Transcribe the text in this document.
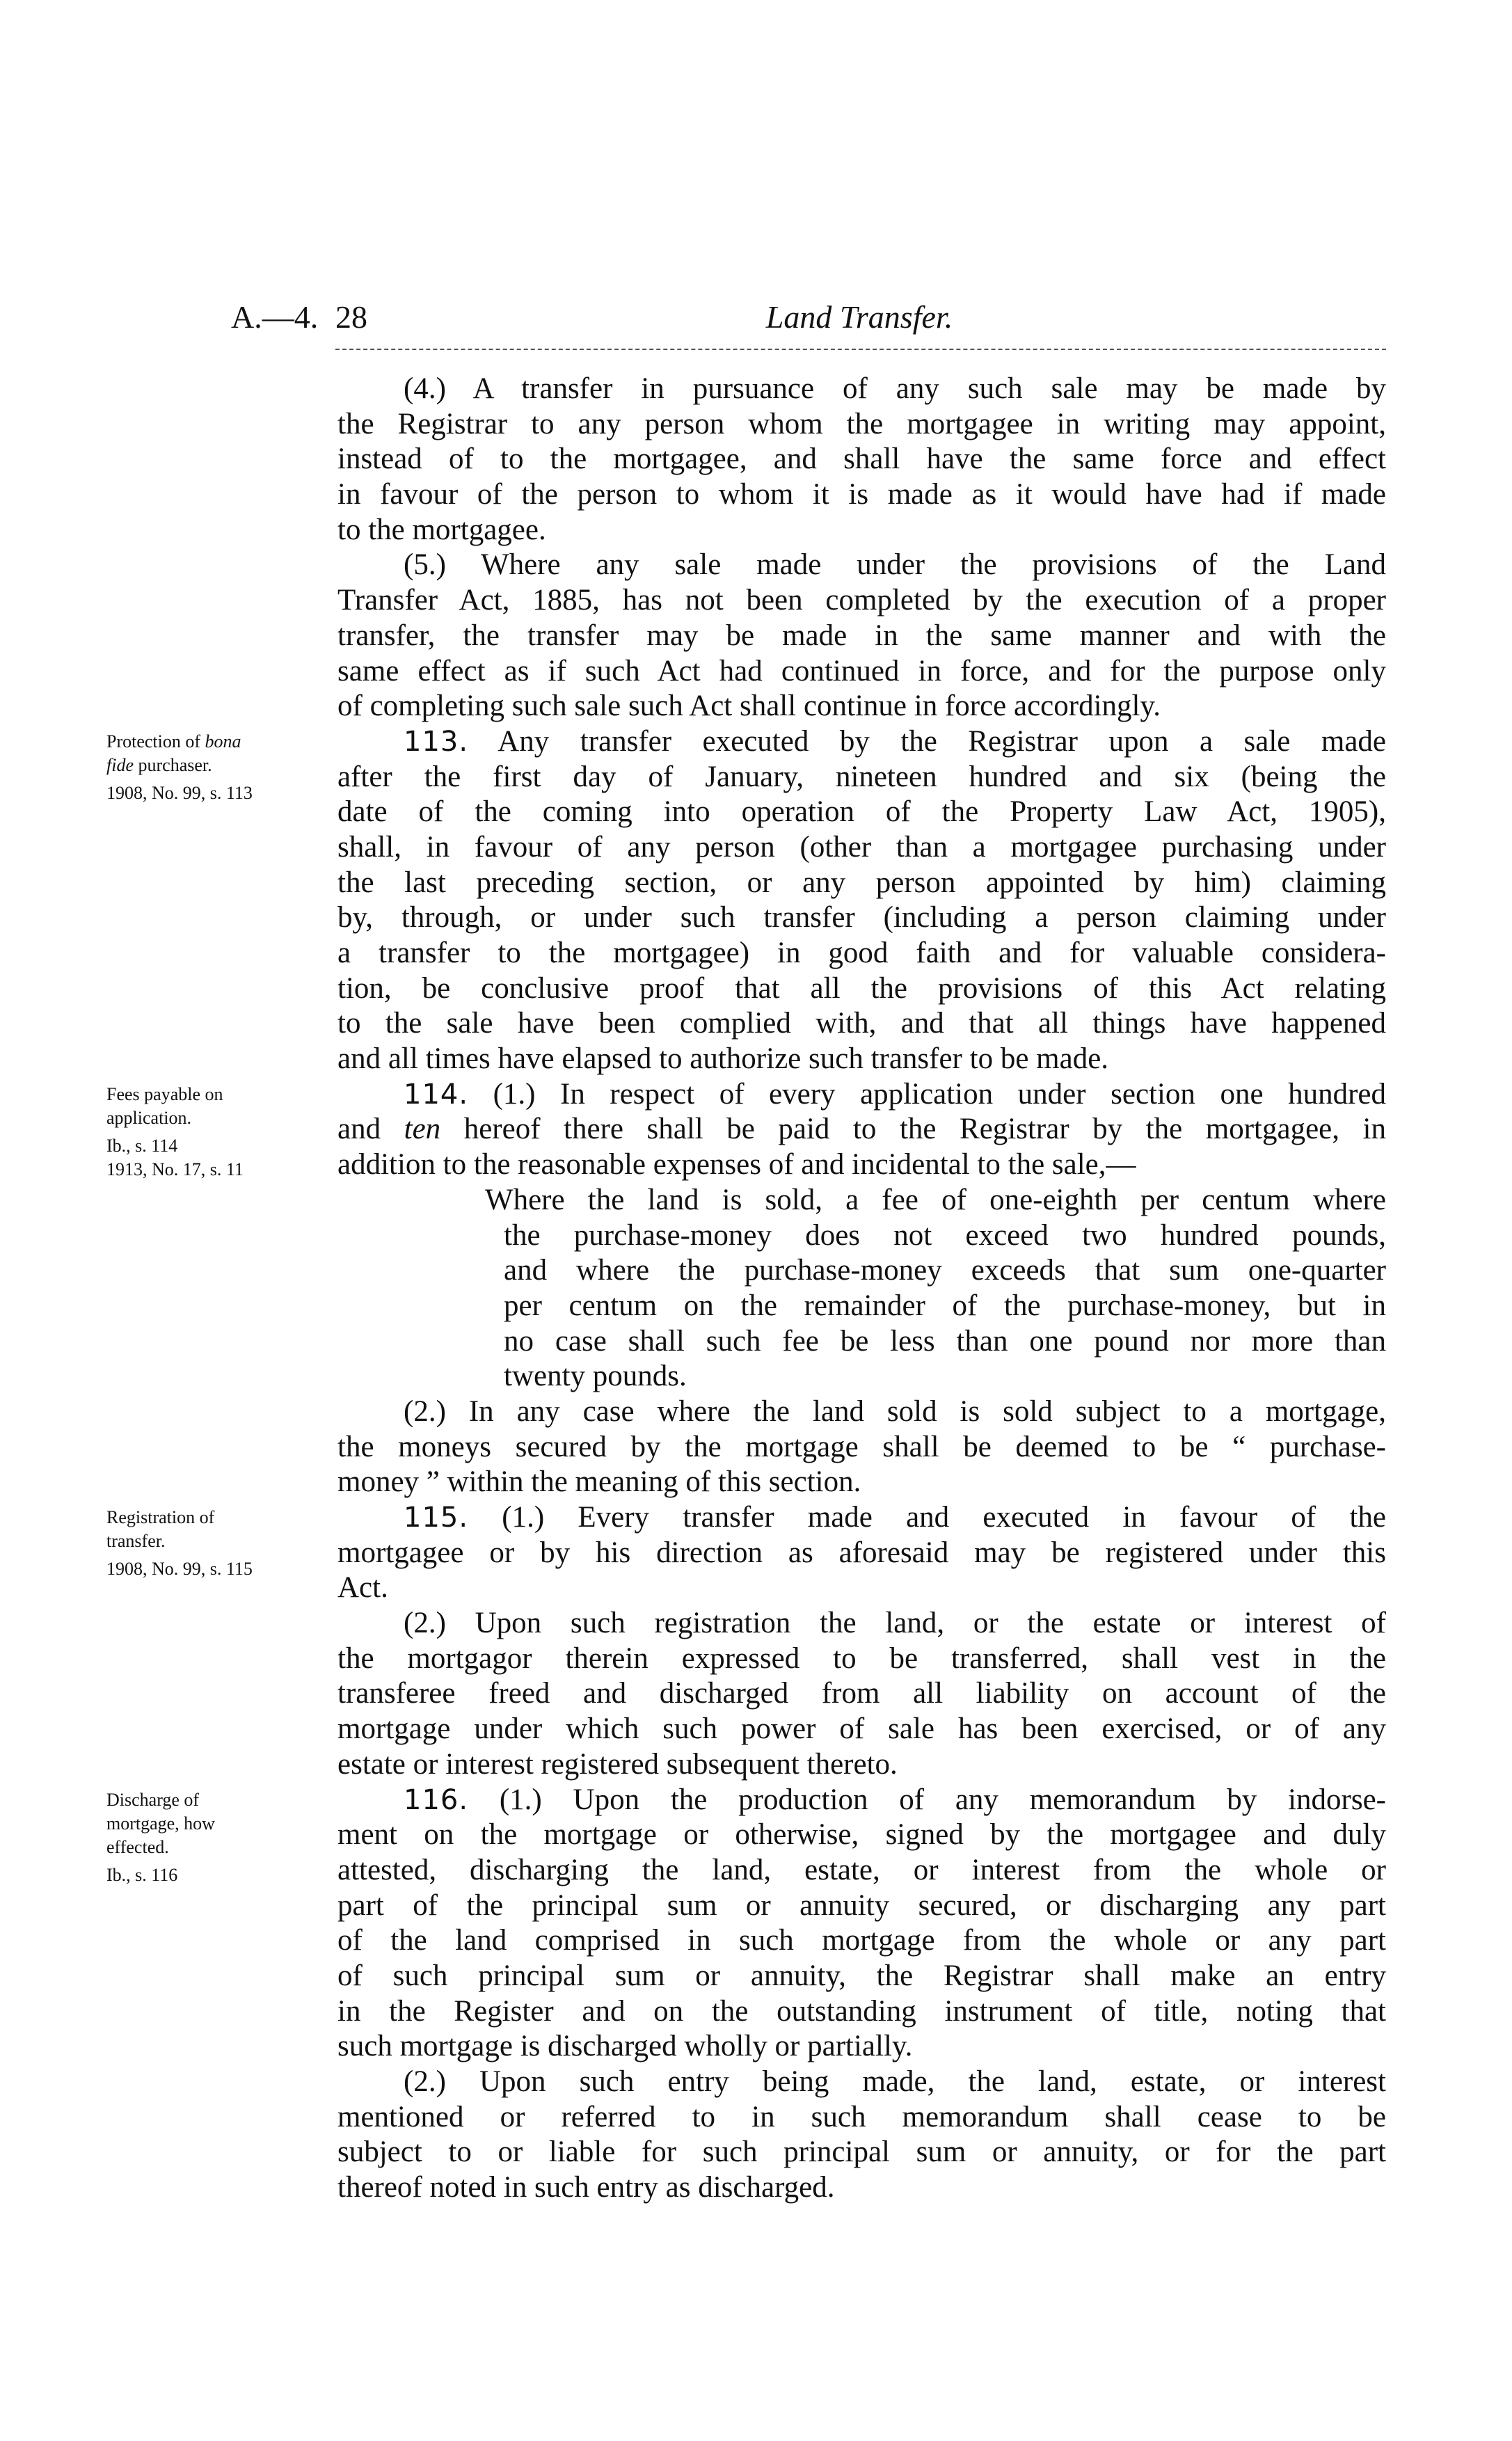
A.—4. 28	Land Transfer.
Protection of bona
fide purchaser.
1908, No. 99, s. 113
Fees payable on
application.
Ib., s. 114
1913, No. 17, s. 11
Registration of
transfer.
1908, No. 99, s. 115
Discharge of
mortgage, how
effected.
Ib., s. 116
(4.) A transfer in pursuance of any such sale may be made by
the Registrar to any person whom the mortgagee in writing may appoint,
instead of to the mortgagee, and shall have the same force and effect
in favour of the person to whom it is made as it would have had if made
to the mortgagee.
(5.) Where any sale made under the provisions of the Land
Transfer Act, 1885, has not been completed by the execution of a proper
transfer, the transfer may be made in the same manner and with the
same effect as if such Act had continued in force, and for the purpose only
of completing such sale such Act shall continue in force accordingly.
113. Any transfer executed by the Registrar upon a sale made
after the first day of January, nineteen hundred and six (being the
date of the coming into operation of the Property Law Act, 1905),
shall, in favour of any person (other than a mortgagee purchasing under
the last preceding section, or any person appointed by him) claiming
by, through, or under such transfer (including a person claiming under
a transfer to the mortgagee) in good faith and for valuable considera-
tion, be conclusive proof that all the provisions of this Act relating
to the sale have been complied with, and that all things have happened
and all times have elapsed to authorize such transfer to be made.
114. (1.) In respect of every application under section one hundred
and ten hereof there shall be paid to the Registrar by the mortgagee, in
addition to the reasonable expenses of and incidental to the sale,—
Where the land is sold, a fee of one-eighth per centum where
the purchase-money does not exceed two hundred pounds,
and where the purchase-money exceeds that sum one-quarter
per centum on the remainder of the purchase-money, but in
no case shall such fee be less than one pound nor more than
twenty pounds.
(2.) In any case where the land sold is sold subject to a mortgage,
the moneys secured by the mortgage shall be deemed to be “ purchase-
money ” within the meaning of this section.
115. (1.) Every transfer made and executed in favour of the
mortgagee or by his direction as aforesaid may be registered under this
Act.
(2.) Upon such registration the land, or the estate or interest of
the mortgagor therein expressed to be transferred, shall vest in the
transferee freed and discharged from all liability on account of the
mortgage under which such power of sale has been exercised, or of any
estate or interest registered subsequent thereto.
116. (1.) Upon the production of any memorandum by indorse-
ment on the mortgage or otherwise, signed by the mortgagee and duly
attested, discharging the land, estate, or interest from the whole or
part of the principal sum or annuity secured, or discharging any part
of the land comprised in such mortgage from the whole or any part
of such principal sum or annuity, the Registrar shall make an entry
in the Register and on the outstanding instrument of title, noting that
such mortgage is discharged wholly or partially.
(2.) Upon such entry being made, the land, estate, or interest
mentioned or referred to in such memorandum shall cease to be
subject to or liable for such principal sum or annuity, or for the part
thereof noted in such entry as discharged.
